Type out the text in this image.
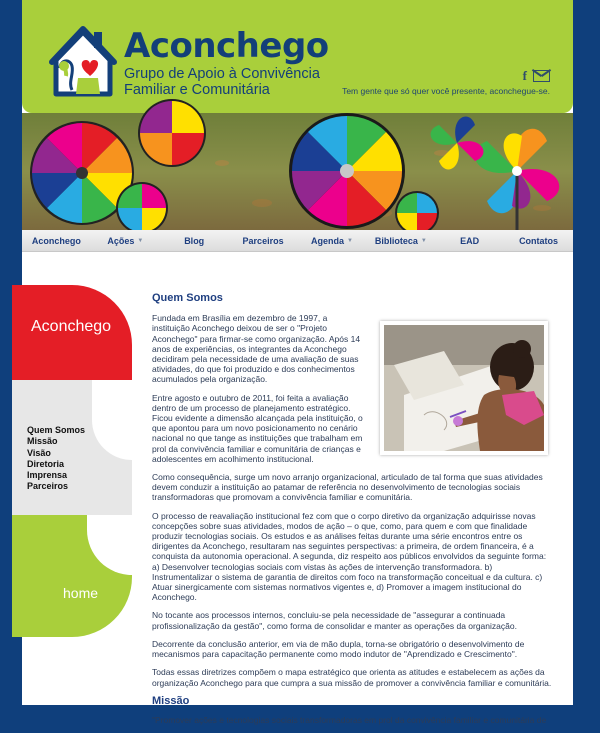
Aconchego
Grupo de Apoio à Convivência
Familiar e Comunitária
f
Tem gente que só quer você presente, aconchegue-se.
Aconchego	Ações ▼	Blog	Parceiros	Agenda ▼ Biblioteca ▼	EAD	Contatos
Aconchego
Quem Somos
Missão
Visão
Diretoria
Imprensa
Parceiros
home
Quem Somos

Fundada em Brasília em dezembro de 1997, a instituição Aconchego deixou de ser o "Projeto Aconchego" para firmar-se como organização. Após 14 anos de experiências, os integrantes da Aconchego decidiram pela necessidade de uma avaliação de suas atividades, do que foi produzido e dos conhecimentos acumulados pela organização.

Entre agosto e outubro de 2011, foi feita a avaliação dentro de um processo de planejamento estratégico. Ficou evidente a dimensão alcançada pela instituição, o que apontou para um novo posicionamento no cenário nacional no que tange as instituições que trabalham em prol da convivência familiar e comunitária de crianças e adolescentes em acolhimento institucional.

Como consequência, surge um novo arranjo organizacional, articulado de tal forma que suas atividades devem conduzir a instituição ao patamar de referência no desenvolvimento de tecnologias sociais transformadoras que promovam a convivência familiar e comunitária.

O processo de reavaliação institucional fez com que o corpo diretivo da organização adquirisse novas concepções sobre suas atividades, modos de ação – o que, como, para quem e com que finalidade produzir tecnologias sociais. Os estudos e as análises feitas durante uma série encontros entre os dirigentes da Aconchego, resultaram nas seguintes perspectivas: a primeira, de ordem financeira, é a conquista da autonomia operacional. A segunda, diz respeito aos públicos envolvidos da seguinte forma: a) Desenvolver tecnologias sociais com vistas às ações de intervenção transformadora. b) Instrumentalizar o sistema de garantia de direitos com foco na transformação conceitual e da cultura. c) Atuar sinergicamente com sistemas normativos vigentes e, d) Promover a imagem institucional do Aconchego.

No tocante aos processos internos, concluiu-se pela necessidade de "assegurar a continuada profissionalização da gestão", como forma de consolidar e manter as operações da organização.

Decorrente da conclusão anterior, em via de mão dupla, torna-se obrigatório o desenvolvimento de mecanismos para capacitação permanente como modo indutor de "Aprendizado e Crescimento".

Todas essas diretrizes compõem o mapa estratégico que orienta as atitudes e estabelecem as ações da organização Aconchego para que cumpra a sua missão de promover a convivência familiar e comunitária.

Missão

"Promover ações e tecnologias sociais transformadoras em prol da convivência familiar e comunitária de
